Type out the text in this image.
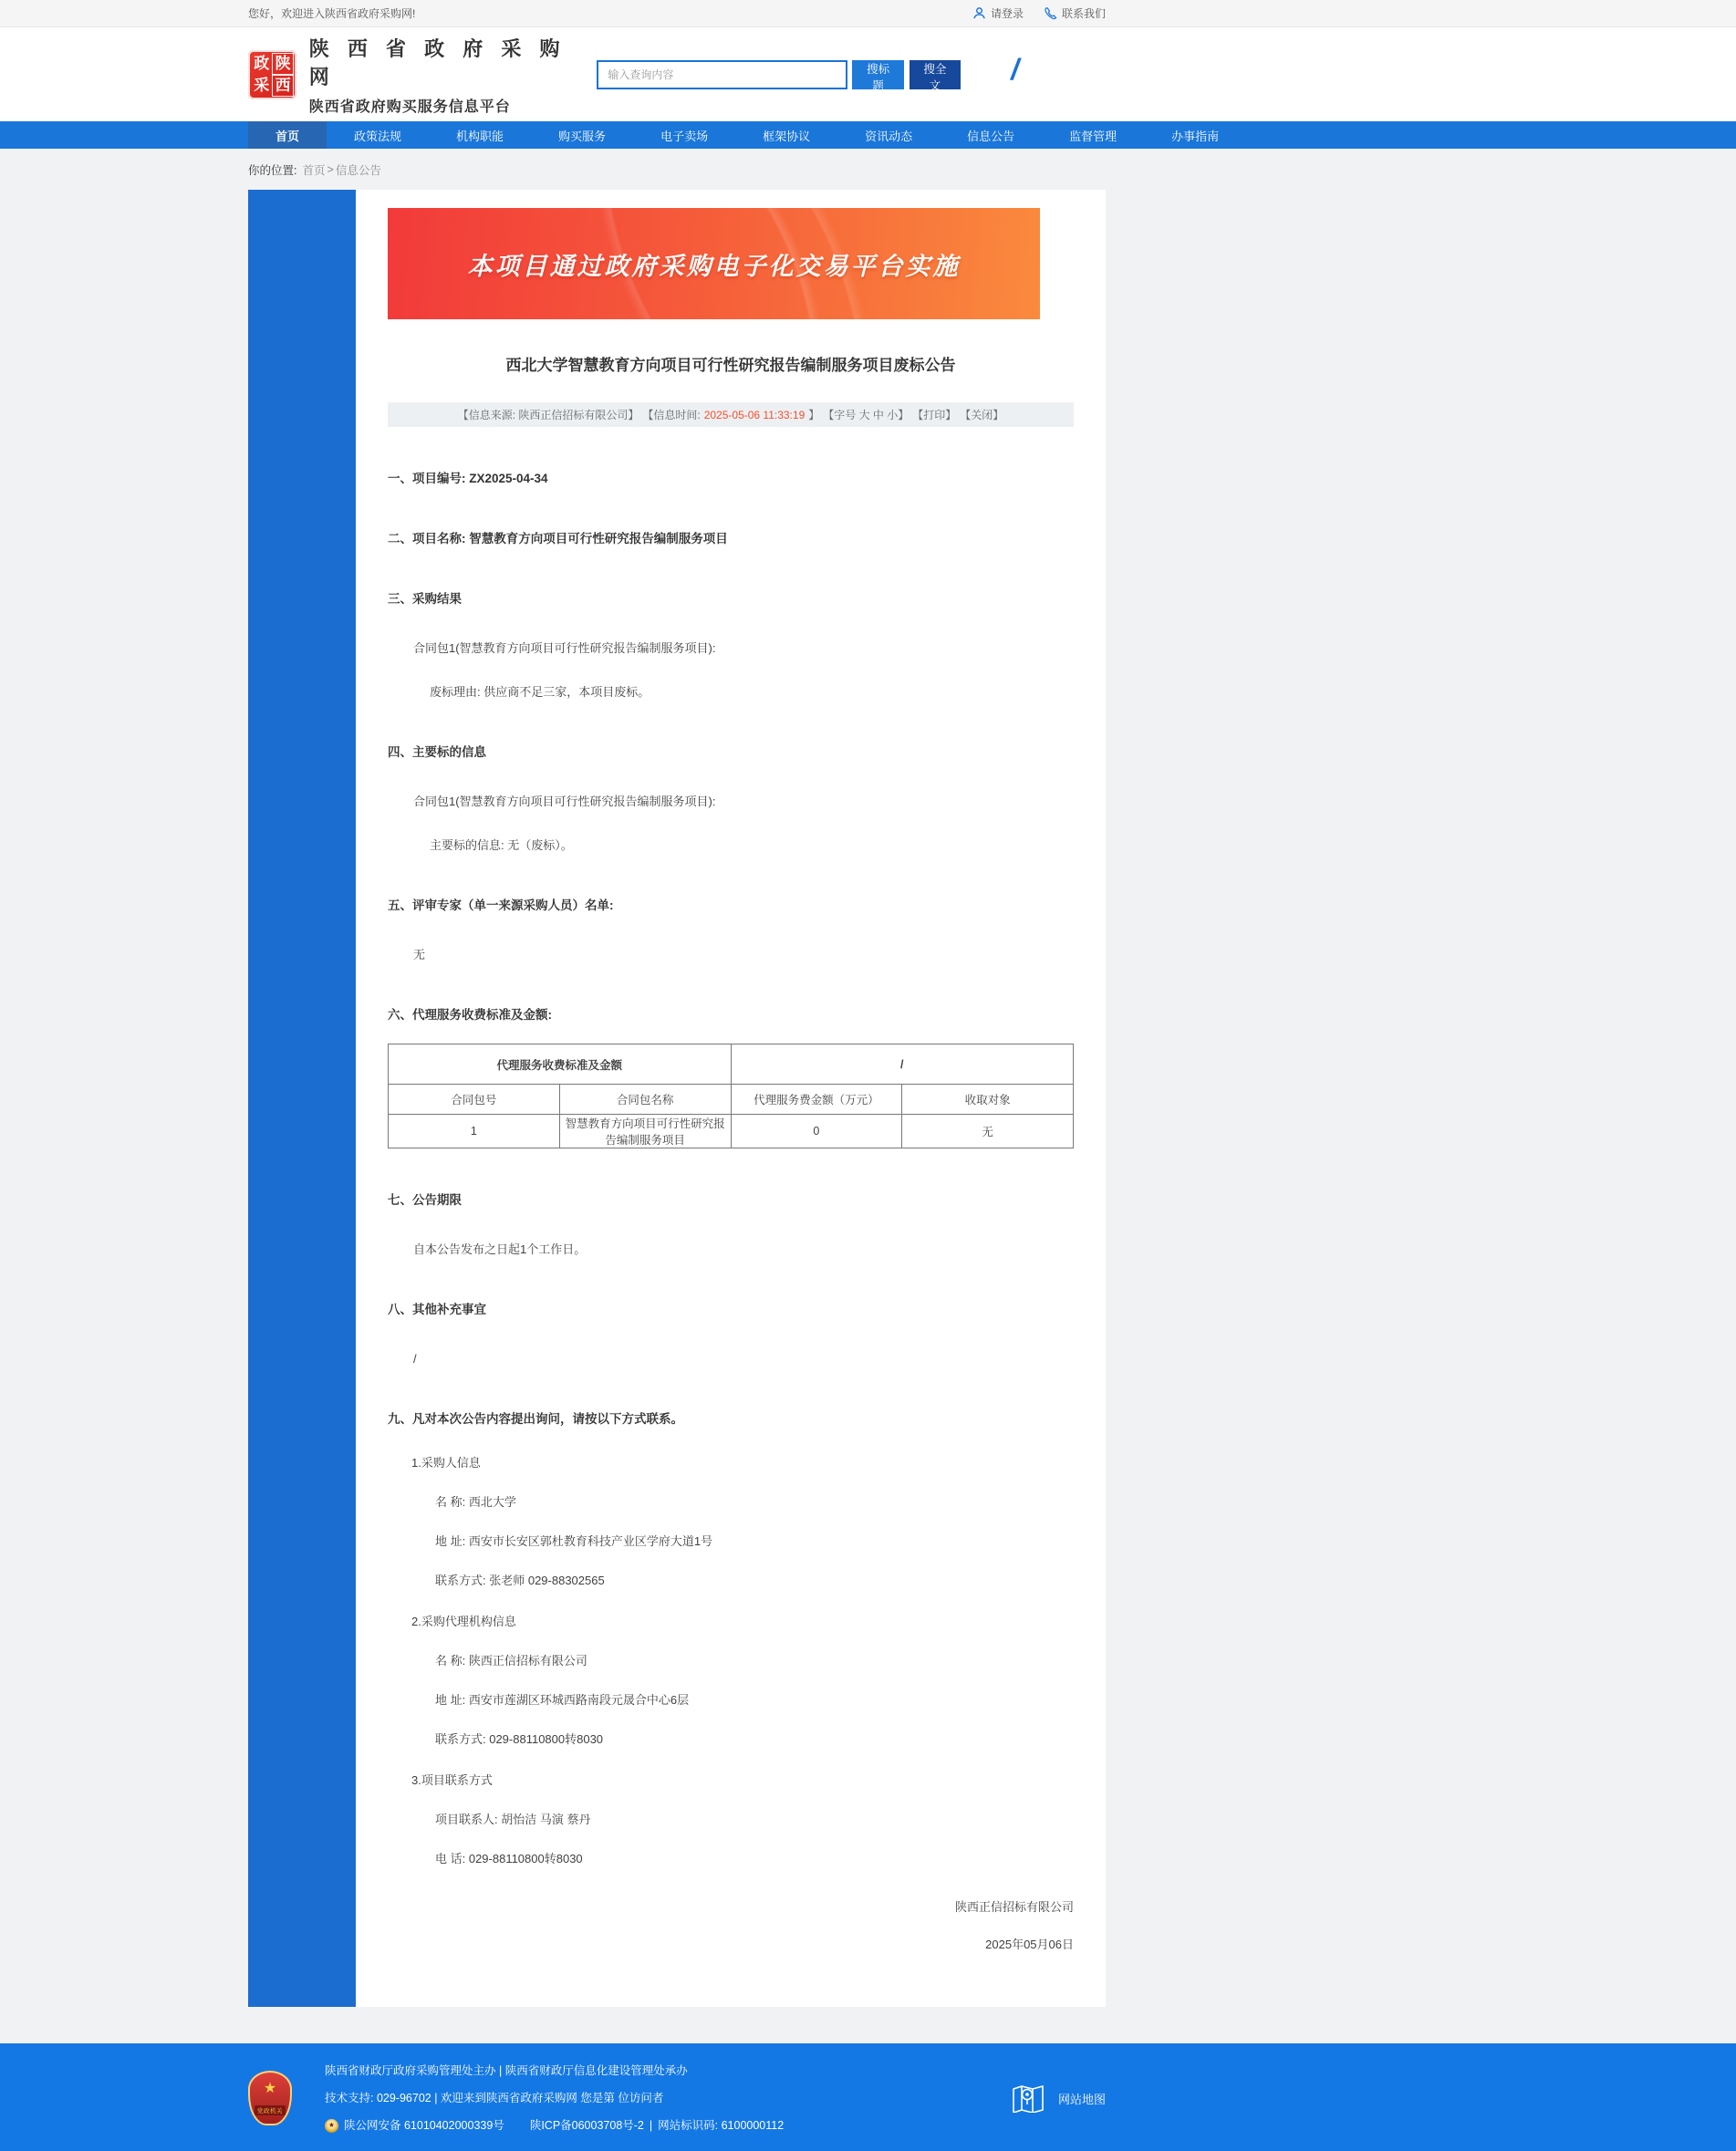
您好，欢迎进入陕西省政府采购网!	请登录	联系我们
政 陕
采 西
陕 西 省 政 府 采 购 网
陕西省政府购买服务信息平台
输入查询内容
搜标题
搜全文	/
首页	政策法规	机构职能	购买服务	电子卖场	框架协议	资讯动态	信息公告	监督管理	办事指南
你的位置: 首页 > 信息公告
本项目通过政府采购电子化交易平台实施
西北大学智慧教育方向项目可行性研究报告编制服务项目废标公告
【信息来源: 陕西正信招标有限公司】 【信息时间: 2025-05-06 11:33:19 】 【字号 大 中 小】 【打印】 【关闭】
一、项目编号: ZX2025-04-34
二、项目名称: 智慧教育方向项目可行性研究报告编制服务项目
三、采购结果
合同包1(智慧教育方向项目可行性研究报告编制服务项目):
废标理由: 供应商不足三家，本项目废标。
四、主要标的信息
合同包1(智慧教育方向项目可行性研究报告编制服务项目):
主要标的信息: 无（废标）。
五、评审专家（单一来源采购人员）名单:
无
六、代理服务收费标准及金额:
代理服务收费标准及金额		/	
合同包号	合同包名称	代理服务费金额（万元）	收取对象
1	智慧教育方向项目可行性研究报告编制服务项目	0	无
七、公告期限
自本公告发布之日起1个工作日。
八、其他补充事宜
/
九、凡对本次公告内容提出询问，请按以下方式联系。
1.采购人信息
名 称: 西北大学
地 址: 西安市长安区郭杜教育科技产业区学府大道1号
联系方式: 张老师 029-88302565
2.采购代理机构信息
名 称: 陕西正信招标有限公司
地 址: 西安市莲湖区环城西路南段元晟合中心6层
联系方式: 029-88110800转8030
3.项目联系方式
项目联系人: 胡怡洁 马演 蔡丹
电 话: 029-88110800转8030
陕西正信招标有限公司
2025年05月06日
★
党政机关
陕西省财政厅政府采购管理处主办 | 陕西省财政厅信息化建设管理处承办
技术支持: 029-96702 | 欢迎来到陕西省政府采购网 您是第 位访问者
★ 陕公网安备 61010402000339号 陕ICP备06003708号-2 | 网站标识码: 6100000112
网站地图
